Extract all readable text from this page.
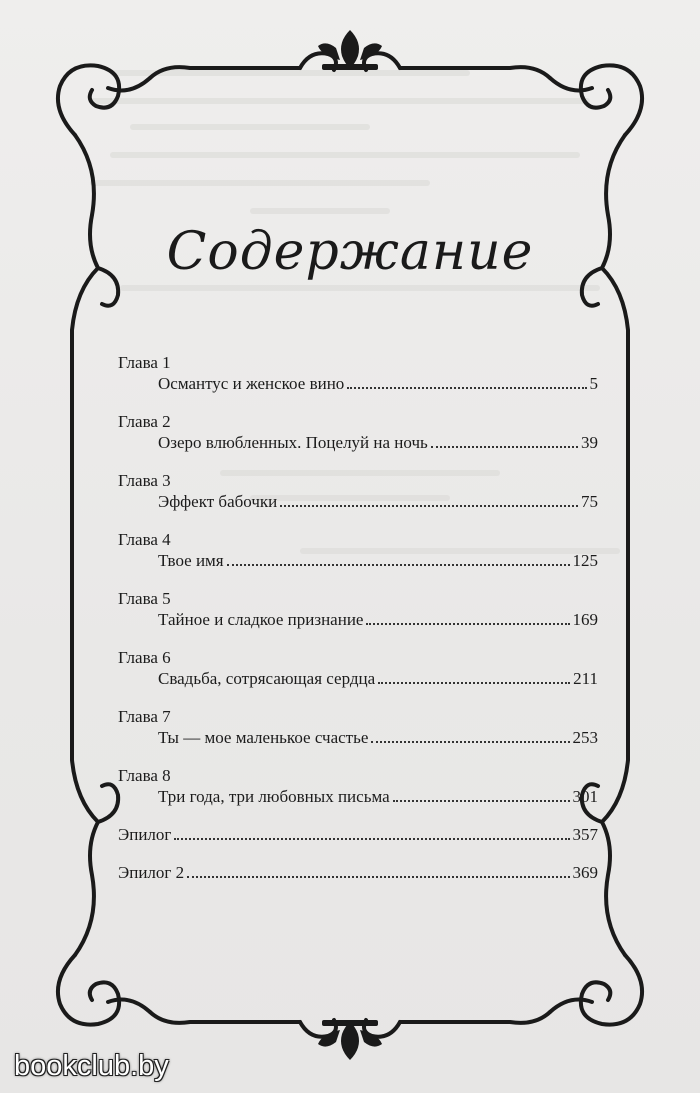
Содержание
Глава 1
Османтус и женское вино	5
Глава 2
Озеро влюбленных. Поцелуй на ночь	39
Глава 3
Эффект бабочки	75
Глава 4
Твое имя	125
Глава 5
Тайное и сладкое признание	169
Глава 6
Свадьба, сотрясающая сердца	211
Глава 7
Ты — мое маленькое счастье	253
Глава 8
Три года, три любовных письма	301
Эпилог	357
Эпилог 2	369
bookclub.by
